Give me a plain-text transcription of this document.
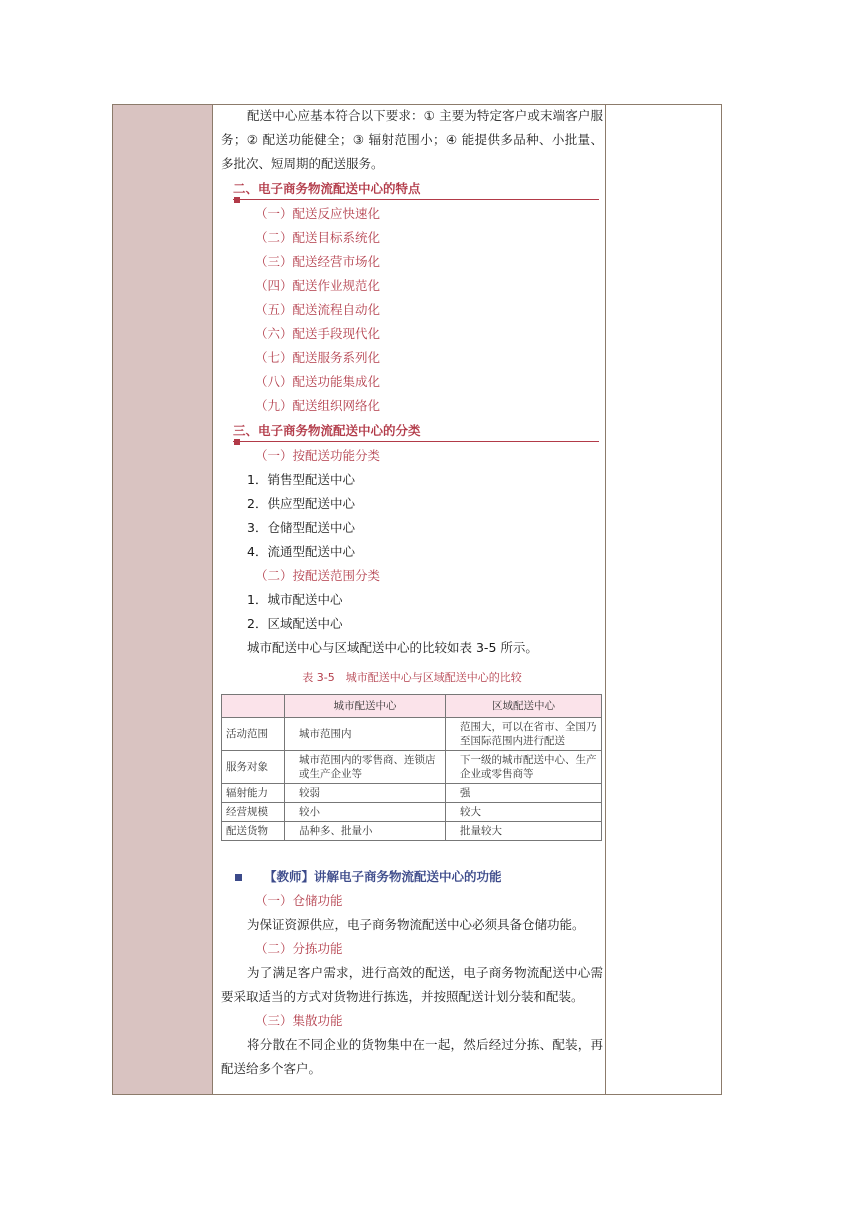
配送中心应基本符合以下要求：① 主要为特定客户或末端客户服务；② 配送功能健全；③ 辐射范围小；④ 能提供多品种、小批量、多批次、短周期的配送服务。

二、电子商务物流配送中心的特点

（一）配送反应快速化

（二）配送目标系统化

（三）配送经营市场化

（四）配送作业规范化

（五）配送流程自动化

（六）配送手段现代化

（七）配送服务系列化

（八）配送功能集成化

（九）配送组织网络化

三、电子商务物流配送中心的分类

（一）按配送功能分类

1．销售型配送中心

2．供应型配送中心

3．仓储型配送中心

4．流通型配送中心

（二）按配送范围分类

1．城市配送中心

2．区域配送中心

城市配送中心与区域配送中心的比较如表 3-5 所示。

表 3-5　城市配送中心与区域配送中心的比较
	城市配送中心	区域配送中心
活动范围	城市范围内	范围大，可以在省市、全国乃至国际范围内进行配送
服务对象	城市范围内的零售商、连锁店或生产企业等	下一级的城市配送中心、生产企业或零售商等
辐射能力	较弱	强
经营规模	较小	较大
配送货物	品种多、批量小	批量较大
【教师】讲解电子商务物流配送中心的功能

（一）仓储功能

为保证资源供应，电子商务物流配送中心必须具备仓储功能。

（二）分拣功能

为了满足客户需求，进行高效的配送，电子商务物流配送中心需要采取适当的方式对货物进行拣选，并按照配送计划分装和配装。

（三）集散功能

将分散在不同企业的货物集中在一起，然后经过分拣、配装，再配送给多个客户。
